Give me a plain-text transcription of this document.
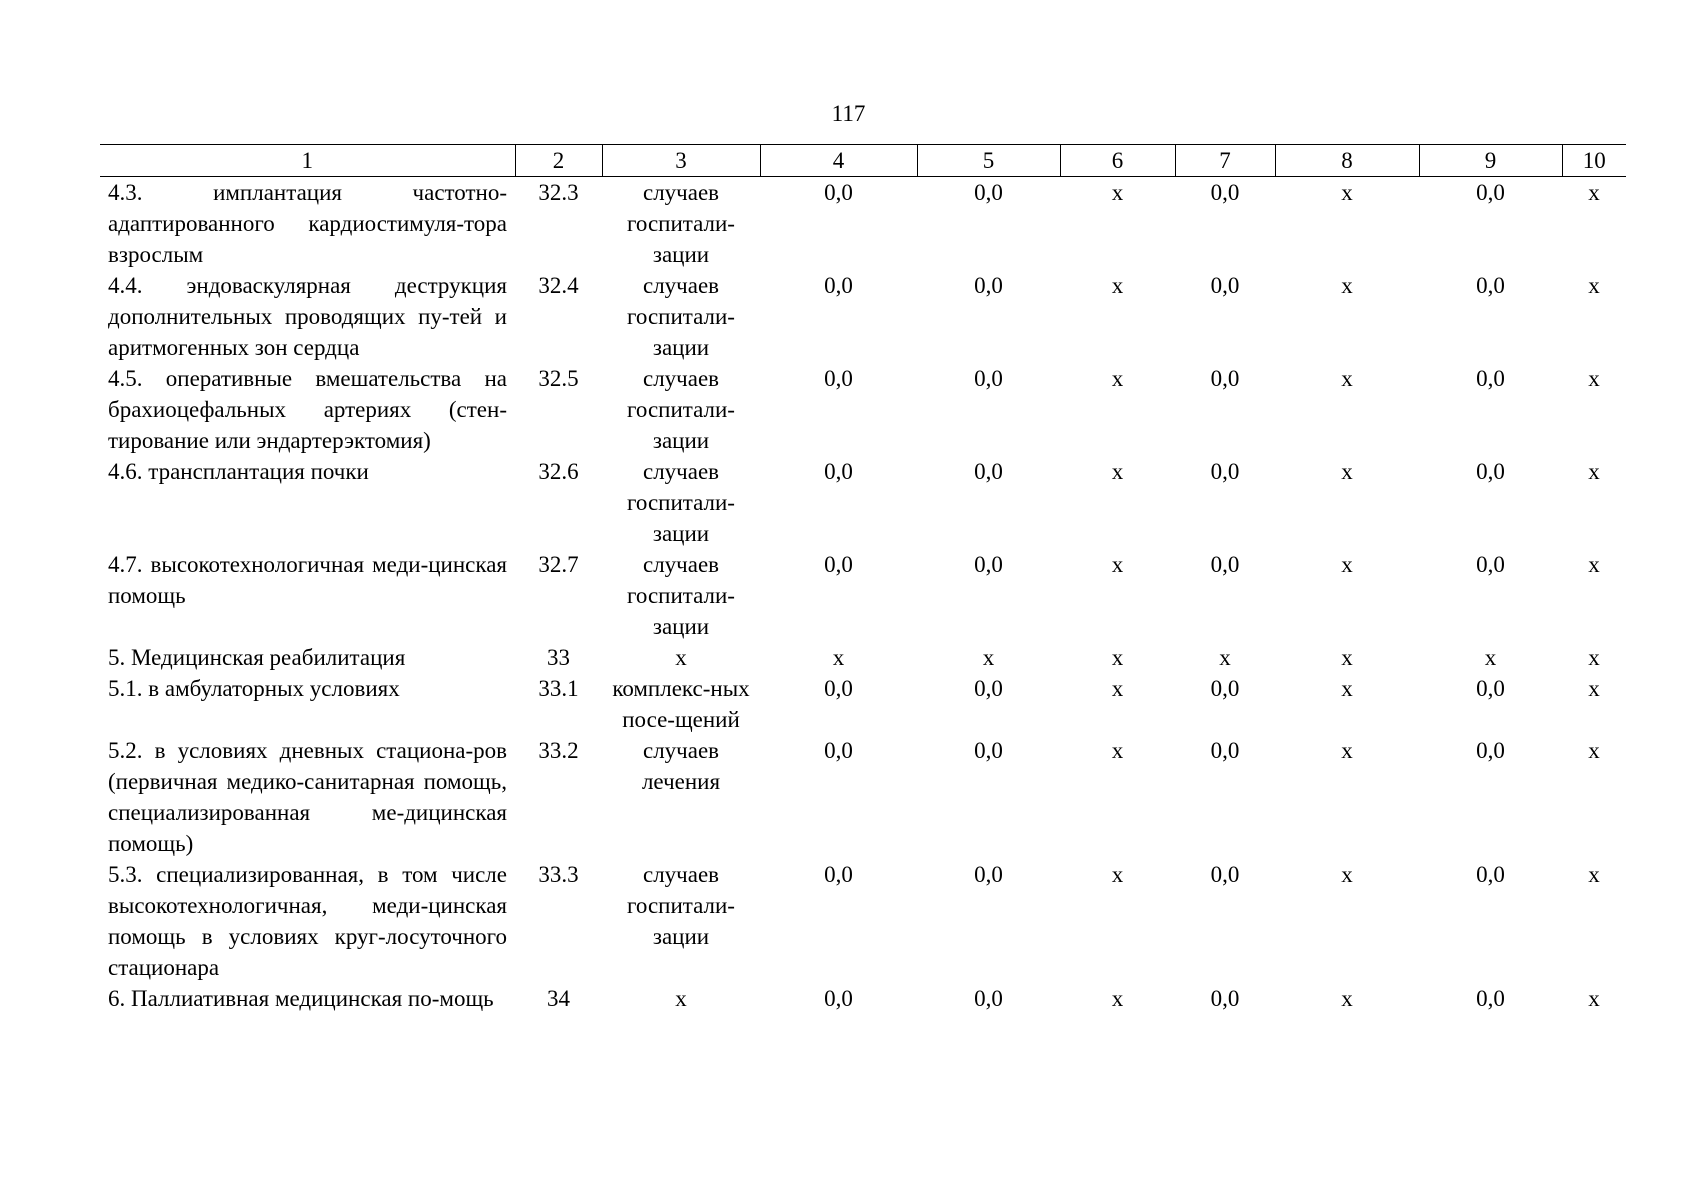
117
1	2	3	4	5	6	7	8	9	10
4.3. имплантация частотно-адаптированного кардиостимуля-тора взрослым	32.3	случаев госпитали-зации	0,0	0,0	х	0,0	х	0,0	х
4.4. эндоваскулярная деструкция дополнительных проводящих пу-тей и аритмогенных зон сердца	32.4	случаев госпитали-зации	0,0	0,0	х	0,0	х	0,0	х
4.5. оперативные вмешательства на брахиоцефальных артериях (стен-тирование или эндартерэктомия)	32.5	случаев госпитали-зации	0,0	0,0	х	0,0	х	0,0	х
4.6. трансплантация почки	32.6	случаев госпитали-зации	0,0	0,0	х	0,0	х	0,0	х
4.7. высокотехнологичная меди-цинская помощь	32.7	случаев госпитали-зации	0,0	0,0	х	0,0	х	0,0	х
5. Медицинская реабилитация	33	х	х	х	х	х	х	х	х
5.1. в амбулаторных условиях	33.1	комплекс-ных посе-щений	0,0	0,0	х	0,0	х	0,0	х
5.2. в условиях дневных стациона-ров (первичная медико-санитарная помощь, специализированная ме-дицинская помощь)	33.2	случаев лечения	0,0	0,0	х	0,0	х	0,0	х
5.3. специализированная, в том числе высокотехнологичная, меди-цинская помощь в условиях круг-лосуточного стационара	33.3	случаев госпитали-зации	0,0	0,0	х	0,0	х	0,0	х
6. Паллиативная медицинская по-мощь	34	х	0,0	0,0	х	0,0	х	0,0	х
